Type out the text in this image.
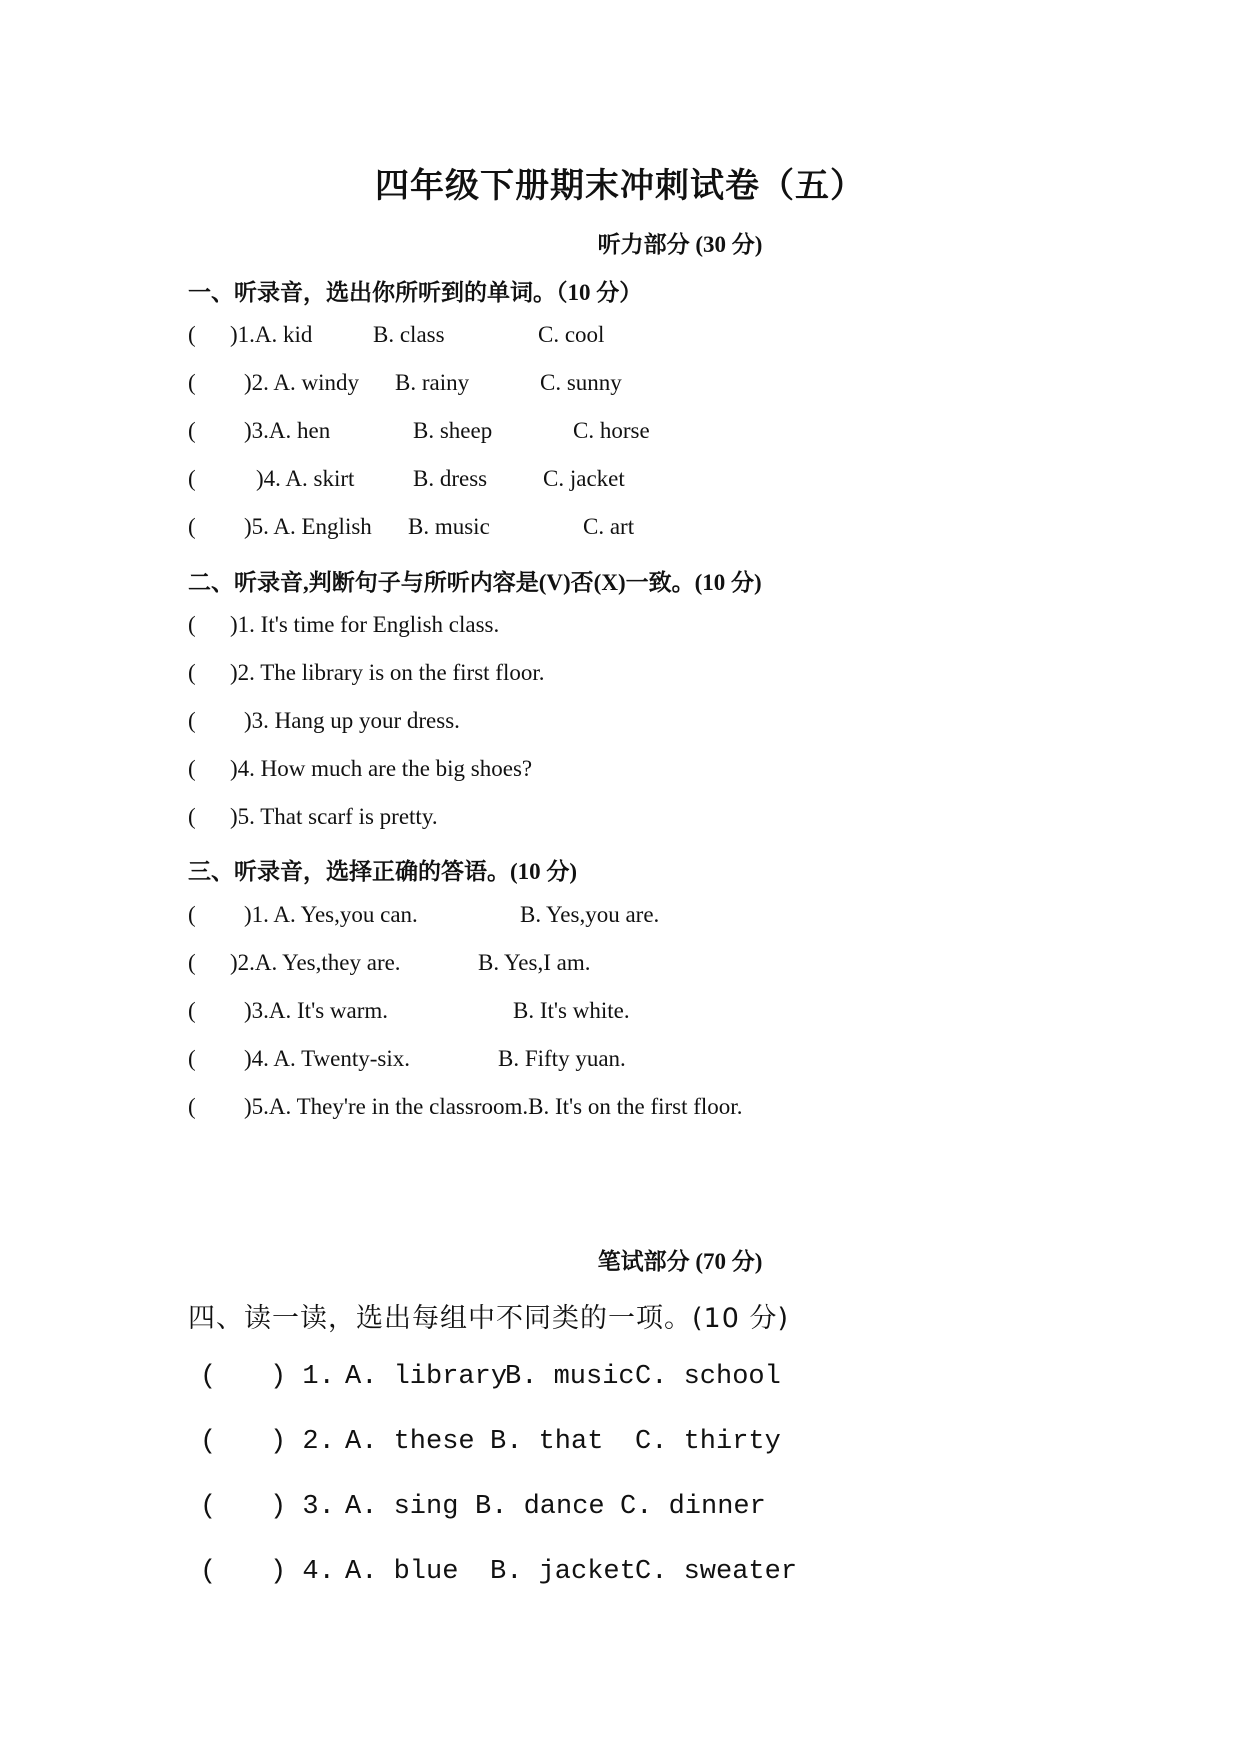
四年级下册期末冲刺试卷（五）
听力部分 (30 分)
一、听录音，选出你所听到的单词。（10 分）
( )1.A. kid	B. class	C. cool
( )2. A. windy B. rainy	C. sunny
( )3.A. hen	B. sheep	C. horse
(	)4. A. skirt	B. dress C. jacket
( )5. A. English B. music	C. art
二、听录音,判断句子与所听内容是(V)否(X)一致。(10 分)
( )1. It's time for English class.
( )2. The library is on the first floor.
( )3. Hang up your dress.
( )4. How much are the big shoes?
( )5. That scarf is pretty.
三、听录音，选择正确的答语。(10 分)
( )1. A. Yes,you can.	B. Yes,you are.
( )2.A. Yes,they are.	B. Yes,I am.
( )3.A. It's warm.	B. It's white.
( )4. A. Twenty-six.	B. Fifty yuan.
( )5.A. They're in the classroom.B. It's on the first floor.
笔试部分 (70 分)
四、读一读，选出每组中不同类的一项。(10 分)
( ) 1. A. library
B. music C. school
( ) 2. A. these B. that C. thirty
( ) 3. A. sing B. dance C. dinner
( ) 4. A. blue B. jacket C. sweater
